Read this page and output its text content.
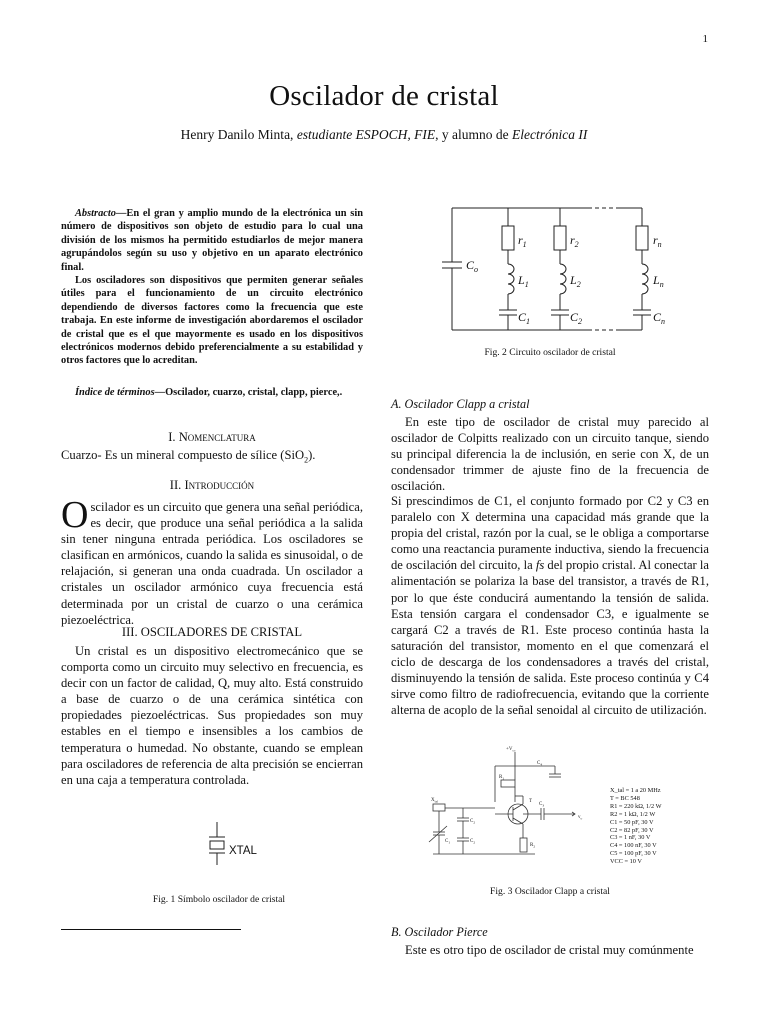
1
Oscilador de cristal
Henry Danilo Minta, estudiante ESPOCH, FIE, y alumno de Electrónica II

Abstracto—En el gran y amplio mundo de la electrónica un sin número de dispositivos son objeto de estudio para lo cual una división de los mismos ha permitido estudiarlos de mejor manera agrupándolos según su uso y objetivo en un aparato electrónico final.

Los osciladores son dispositivos que permiten generar señales útiles para el funcionamiento de un circuito electrónico dependiendo de diversos factores como la frecuencia que este trabaja. En este informe de investigación abordaremos el oscilador de cristal que es el que mayormente es usado en los dispositivos electrónicos modernos debido preferencialmente a su estabilidad y otros factores que lo acreditan.

Índice de términos—Oscilador, cuarzo, cristal, clapp, pierce,.
I. Nomenclatura
Cuarzo- Es un mineral compuesto de sílice (SiO$_2$).
II. Introducción
Oscilador es un circuito que genera una señal periódica, es decir, que produce una señal periódica a la salida sin tener ninguna entrada periódica. Los osciladores se clasifican en armónicos, cuando la salida es sinusoidal, o de relajación, si generan una onda cuadrada. Un oscilador a cristales un oscilador armónico cuya frecuencia está determinada por un cristal de cuarzo o una cerámica piezoeléctrica.
III. OSCILADORES DE CRISTAL

Un cristal es un dispositivo electromecánico que se comporta como un circuito muy selectivo en frecuencia, es decir con un factor de calidad, Q, muy alto. Está construido a base de cuarzo o de una cerámica sintética con propiedades piezoeléctricas. Sus propiedades son muy estables en el tiempo e insensibles a los cambios de temperatura o humedad. No obstante, cuando se emplean para osciladores de referencia de alta precisión se encierran en una caja a temperatura controlada.

XTAL
Fig. 1 Símbolo oscilador de cristal
$C_o$
$r_1$	$r_2$	$r_n$
$L_1$	$L_2$	$L_n$
$C_1$	$C_2$	$C_n$
Fig. 2 Circuito oscilador de cristal
A. Oscilador Clapp a cristal

En este tipo de oscilador de cristal muy parecido al oscilador de Colpitts realizado con un circuito tanque, siendo su principal diferencia la de inclusión, en serie con X, de un condensador trimmer de ajuste fino de la frecuencia de oscilación.

Si prescindimos de C1, el conjunto formado por C2 y C3 en paralelo con X determina una capacidad más grande que la propia del cristal, razón por la cual, se le obliga a comportarse como una reactancia puramente inductiva, siendo la frecuencia de oscilación del circuito, la fs del propio cristal. Al conectar la alimentación se polariza la base del transistor, a través de R1, por lo que éste conducirá aumentando la tensión de salida. Esta tensión cargara el condensador C3, e igualmente se cargará C2 a través de R1. Este proceso continúa hasta la saturación del transistor, momento en el que comenzará el ciclo de descarga de los condensadores a través del cristal, disminuyendo la tensión de salida. Este proceso continúa y C4 sirve como filtro de radiofrecuencia, evitando que la corriente alterna de acoplo de la señal senoidal al circuito de utilización.

$+V_{cc}$
$C_4$
$R_1$
T
$C_3$
$X_{tal}$
$C_2$
$C_2$
$C_1$
$R_2$
$v_o$
X_tal = 1 a 20 MHz
T = BC 548
R1 = 220 kΩ, 1/2 W
R2 = 1 kΩ, 1/2 W
C1 = 50 pF, 30 V
C2 = 82 pF, 30 V
C3 = 1 nF, 30 V
C4 = 100 nF, 30 V
C5 = 100 pF, 30 V
VCC = 10 V
Fig. 3 Oscilador Clapp a cristal
B. Oscilador Pierce

Este es otro tipo de oscilador de cristal muy comúnmente
